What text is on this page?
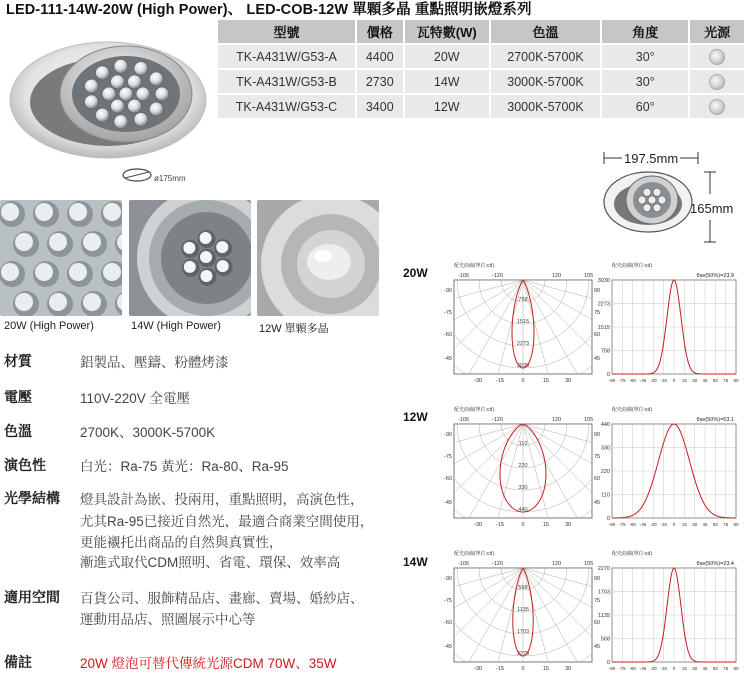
LED-111-14W-20W (High Power)、 LED-COB-12W 單顆多晶 重點照明嵌燈系列
ø175mm
型號	價格	瓦特數(W)	色溫	角度	光源
TK-A431W/G53-A	4400	20W	2700K-5700K	30°
TK-A431W/G53-B	2730	14W	3000K-5700K	30°
TK-A431W/G53-C	3400	12W	3000K-5700K	60°
20W (High Power)	14W (High Power)	12W 單顆多晶
材質	鋁製品、壓鑄、粉體烤漆
電壓	110V-220V 全電壓
色溫	2700K、3000K-5700K
演色性	白光：Ra-75 黃光：Ra-80、Ra-95
光學結構 燈具設計為嵌、投兩用，重點照明，高演色性，
尤其Ra-95已接近自然光，最適合商業空間使用，
更能襯托出商品的自然與真實性，
漸進式取代CDM照明、省電、環保、效率高
適用空間 百貨公司、服飾精品店、畫廊、賣場、婚紗店、
運動用品店、照圖展示中心等
備註	20W 燈泡可替代傳統光源CDM 70W、35W
197.5mm
165mm
20W
12W
14W
配光曲線(單位:cd)
-105	-120	120	105
-90
-75
-60
-45
90
75
60
45
-30	-15	0	15	30
758
1515
2273
3030
配光曲線(單位:cd)
θav(50%)=23.9
-90 -75 -60 -45 -30 -15 0 15 30 45 60 75 90
3030
2273
1515
758
0
配光曲線(單位:cd)
-105	-120	120	105
-90
-75
-60
-45
90
75
60
45
-30	-15	0	15	30
110
220
330
440
配光曲線(單位:cd)
θav(50%)=53.1
-90 -75 -60 -45 -30 -15 0 15 30 45 60 75 90
440
330
220
110
0
配光曲線(單位:cd)
-105	-120	120	105
-90
-75
-60
-45
90
75
60
45
-30	-15	0	15	30
568
1135
1703
2270
配光曲線(單位:cd)
θav(50%)=23.4
-90 -75 -60 -45 -30 -15 0 15 30 45 60 75 90
2270
1703
1135
568
0
